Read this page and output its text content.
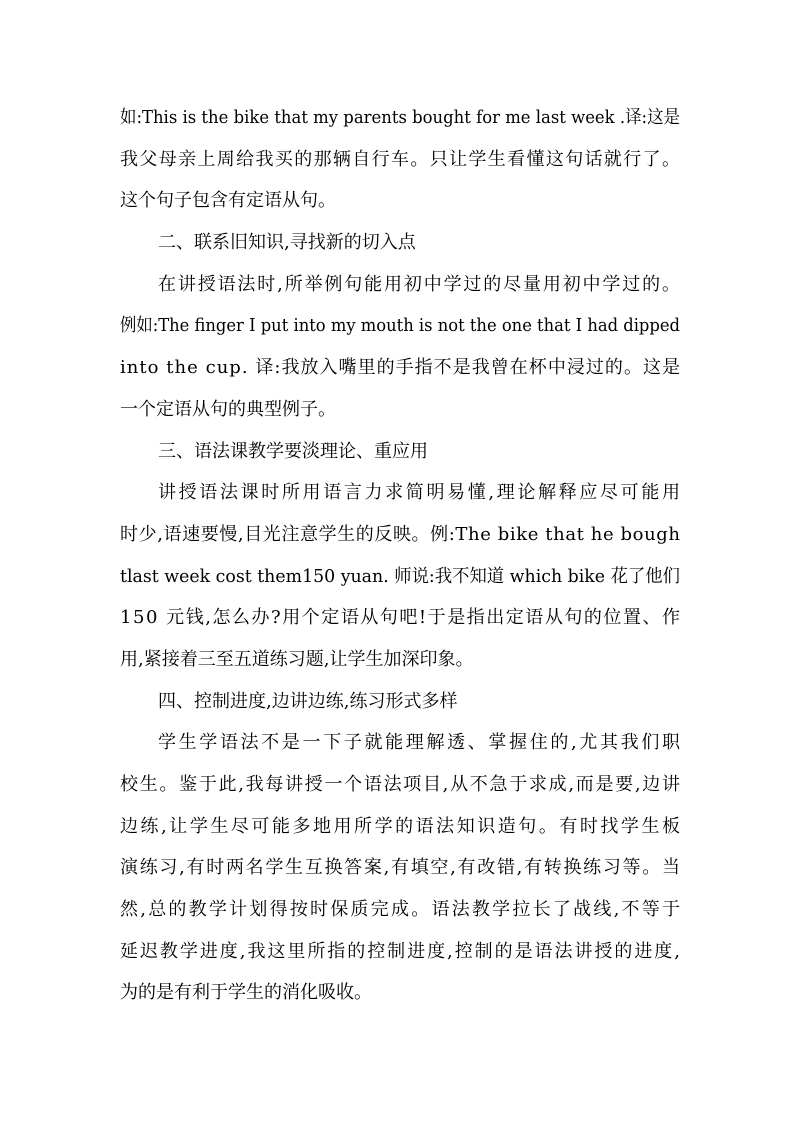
如:This is the bike that my parents bought for me last week .译:这是
我父母亲上周给我买的那辆自行车。只让学生看懂这句话就行了。
这个句子包含有定语从句。
二、联系旧知识,寻找新的切入点
在讲授语法时,所举例句能用初中学过的尽量用初中学过的。
例如:The finger I put into my mouth is not the one that I had dipped
into the cup. 译:我放入嘴里的手指不是我曾在杯中浸过的。这是
一个定语从句的典型例子。
三、语法课教学要淡理论、重应用
讲授语法课时所用语言力求简明易懂,理论解释应尽可能用
时少,语速要慢,目光注意学生的反映。例:The bike that he bough
tlast week cost them150 yuan. 师说:我不知道 which bike 花了他们
150 元钱,怎么办?用个定语从句吧!于是指出定语从句的位置、作
用,紧接着三至五道练习题,让学生加深印象。
四、控制进度,边讲边练,练习形式多样
学生学语法不是一下子就能理解透、掌握住的,尤其我们职
校生。鉴于此,我每讲授一个语法项目,从不急于求成,而是要,边讲
边练,让学生尽可能多地用所学的语法知识造句。有时找学生板
演练习,有时两名学生互换答案,有填空,有改错,有转换练习等。当
然,总的教学计划得按时保质完成。语法教学拉长了战线,不等于
延迟教学进度,我这里所指的控制进度,控制的是语法讲授的进度,
为的是有利于学生的消化吸收。
